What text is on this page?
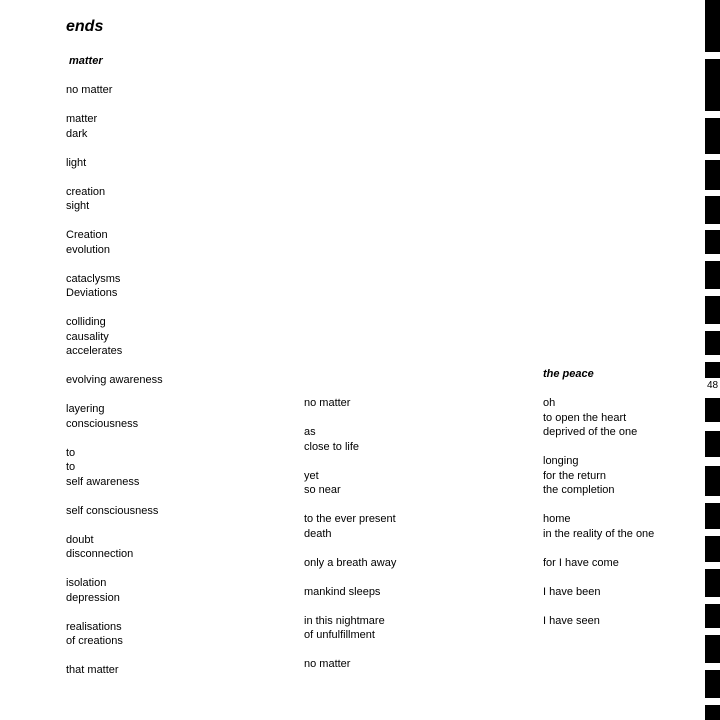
ends
matter
no matter
matter
dark
light
creation
sight
Creation
evolution
cataclysms
Deviations
colliding
causality
accelerates
evolving awareness
layering
consciousness
to
to
self awareness
self consciousness
doubt
disconnection
isolation
depression
realisations
of creations
that matter
no matter
as
close to life
yet
so near
to the ever present
death
only a breath away
mankind sleeps
in this nightmare
of unfulfillment
no matter
the peace
oh
to open the heart
deprived of the one
longing
for the return
the completion
home
in the reality of the one
for I have come
I have been
I have seen
48
